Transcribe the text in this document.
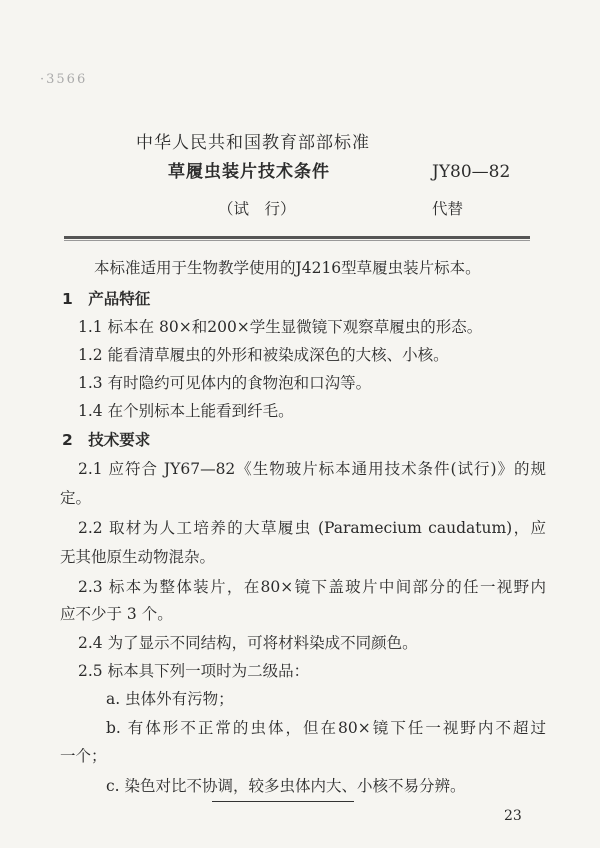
·3566
中华人民共和国教育部部标准
草履虫装片技术条件	JY80—82
（试　行）	代替
本标准适用于生物教学使用的J4216型草履虫装片标本。
1　产品特征
1.1 标本在 80×和200×学生显微镜下观察草履虫的形态。
1.2 能看清草履虫的外形和被染成深色的大核、小核。
1.3 有时隐约可见体内的食物泡和口沟等。
1.4 在个别标本上能看到纤毛。
2　技术要求
2.1 应符合 JY67—82《生物玻片标本通用技术条件(试行)》的规
定。
2.2 取材为人工培养的大草履虫 (Paramecium caudatum)，应
无其他原生动物混杂。
2.3 标本为整体装片，在80×镜下盖玻片中间部分的任一视野内
应不少于 3 个。
2.4 为了显示不同结构，可将材料染成不同颜色。
2.5 标本具下列一项时为二级品：
a. 虫体外有污物；
b. 有体形不正常的虫体，但在80×镜下任一视野内不超过
一个；
c. 染色对比不协调，较多虫体内大、小核不易分辨。
23
